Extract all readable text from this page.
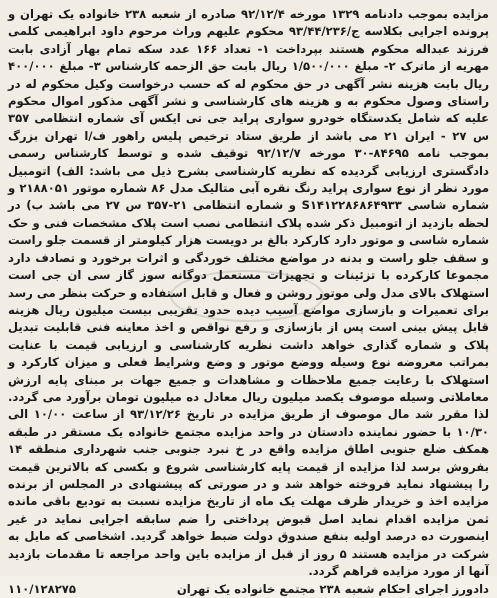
مزایده بموجب دادنامه ۱۳۲۹ مورخه ۹۲/۱۲/۴ صادره از شعبه ۲۳۸ خانواده یک تهران و پرونده اجرایی بکلاسه ج/۹۳/۴۴/۲۳۶ محکوم علیهم وراث مرحوم داود ابراهیمی کلمی فرزند عبداله محکوم هستند بپرداخت ۱- تعداد ۱۶۶ عدد سکه تمام بهار آزادی بابت مهریه از ماترک ۲- مبلغ ۱/۵۰۰/۰۰۰ ریال بابت حق الزحمه کارشناس ۳- مبلغ ۴۰۰/۰۰۰ ریال بابت هزینه نشر آگهی در حق محکوم له که حسب درخواست وکیل محکوم له در راستای وصول محکوم به و هزینه های کارشناسی و نشر آگهی مذکور اموال محکوم علیه که شامل یکدستگاه خودرو سواری پراید جی تی ایکس آی شماره انتظامی ۳۵۷ س ۲۷ - ایران ۲۱ می باشد از طریق ستاد ترخیص پلیس راهور ف/ا تهران بزرگ بموجب نامه ۸۴۶۹۵-۳۰ مورخه ۹۲/۱۲/۷ توقیف شده و توسط کارشناس رسمی دادگستری ارزیابی گردیده که نظریه کارشناسی بشرح ذیل می باشد: الف) اتومبیل مورد نظر از نوع سواری پراید رنگ نقره آبی متالیک مدل ۸۶ شماره موتور ۲۱۸۸۰۵۱ و شماره شاسی S۱۴۱۲۲۸۶۸۶۴۹۳۳ و شماره انتظامی ۲۱-۳۵۷ س ۲۷ می باشد ب) در لحظه بازدید از اتومبیل ذکر شده پلاک انتظامی نصب است پلاک مشخصات فنی و حک شماره شاسی و موتور دارد کارکرد بالغ بر دویست هزار کیلومتر از قسمت جلو راست و سقف جلو راست و بدنه در مواضع مختلف خوردگی و اثرات برخورد و تصادف دارد مجموعا کارکرده با تزئینات و تجهیزات مستعمل دوگانه سوز گاز سی ان جی است استهلاک بالای مدل ولی موتور روشن و فعال و قابل استفاده و حرکت بنظر می رسد برای تعمیرات و بازسازی مواضع آسیب دیده حدود تقریبی بیست میلیون ریال هزینه قابل پیش بینی است پس از بازسازی و رفع نواقص و اخذ معاینه فنی قابلیت تبدیل پلاک و شماره گذاری خواهد داشت نظریه کارشناسی و ارزیابی قیمت با عنایت بمراتب معروضه نوع وسیله ووضع موتور و وضع وشرایط فعلی و میزان کارکرد و استهلاک با رعایت جمیع ملاحظات و مشاهدات و جمیع جهات بر مبنای پایه ارزش معاملاتی وسیله موصوف یکصد میلیون ریال معادل ده میلیون تومان برآورد می گردد. لذا مقرر شد مال موصوف از طریق مزایده در تاریخ ۹۳/۱۲/۲۶ از ساعت ۱۰/۰۰ الی ۱۰/۳۰ با حضور نماینده دادستان در واحد مزایده مجتمع خانواده یک مستقر در طبقه همکف ضلع جنوبی اطاق مزایده واقع در خ نبرد جنوبی جنب شهرداری منطقه ۱۴ بفروش برسد لذا مزایده از قیمت پایه کارشناسی شروع و بکسی که بالاترین قیمت را پیشنهاد نماید فروخته خواهد شد و در صورتی که پیشنهادی در المجلس از برنده مزایده اخذ و خریدار ظرف مهلت یک ماه از تاریخ مزایده نسبت به تودیع باقی مانده ثمن مزایده اقدام نماید اصل قبوض پرداختی را ضم سابقه اجرایی نماید در غیر اینصورت ده درصد اولیه بنفع صندوق دولت ضبط خواهد گردید. اشخاصی که مایل به شرکت در مزایده هستند ۵ روز از قبل از مزایده باین واحد مراجعه تا مقدمات بازدید آنها از مورد مزایده فراهم گردد.
دادورز اجرای احکام شعبه ۲۳۸ مجتمع خانواده یک تهران
۱۱۰/۱۲۸۲۷۵
